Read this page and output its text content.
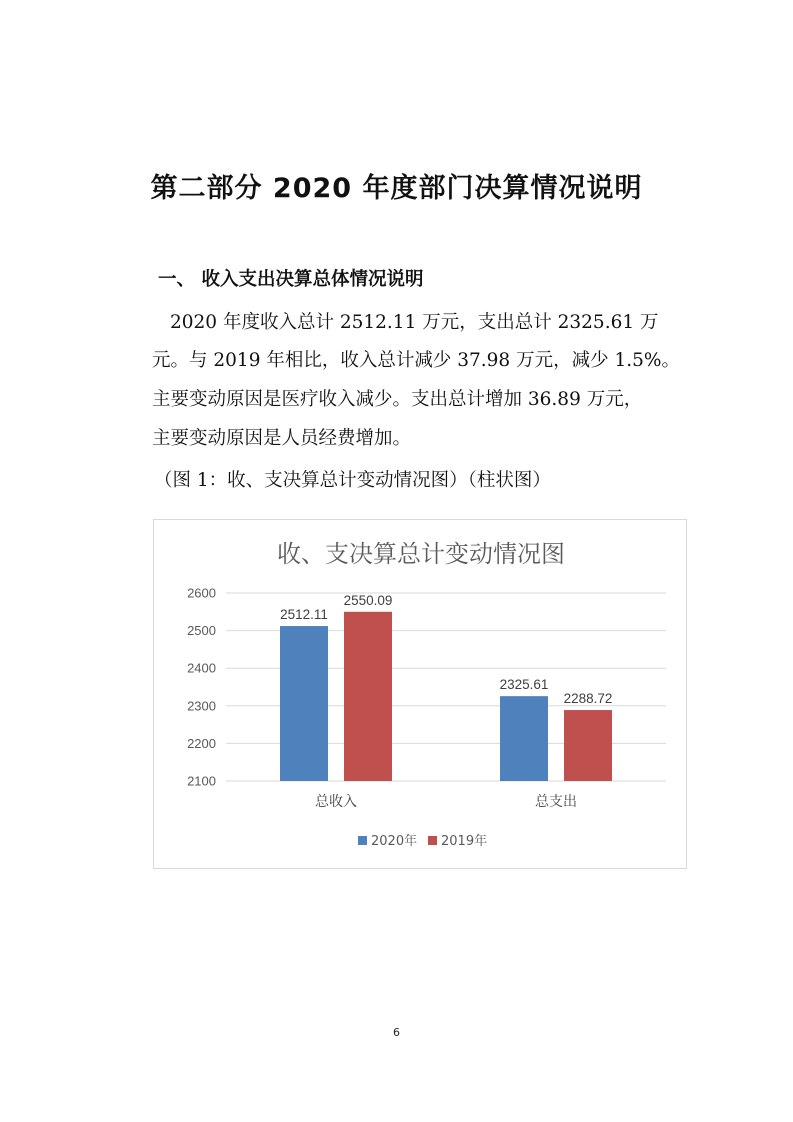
第二部分 2020 年度部门决算情况说明
一、 收入支出决算总体情况说明
2020 年度收入总计 2512.11 万元，支出总计 2325.61 万
元。与 2019 年相比，收入总计减少 37.98 万元，减少 1.5%。
主要变动原因是医疗收入减少。支出总计增加 36.89 万元，
主要变动原因是人员经费增加。
（图 1：收、支决算总计变动情况图）（柱状图）
收、支决算总计变动情况图
2100
2200
2300
2400
2500
2600
2512.11
2550.09
2325.61
2288.72
总收入	总支出
2020年 2019年
6
